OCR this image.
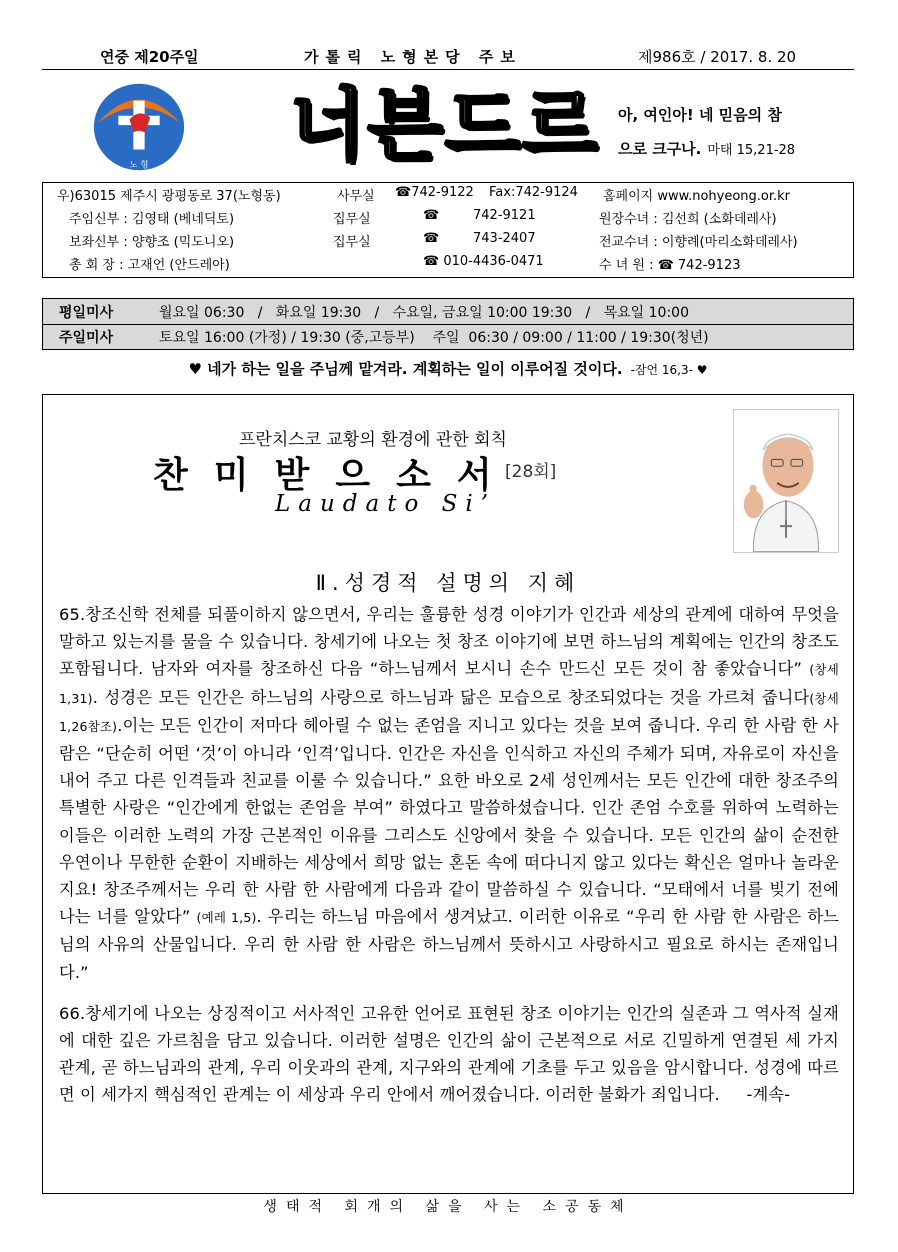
연중 제20주일	가톨릭 노형본당 주보	제986호 / 2017. 8. 20
노 형 너븐드르 아, 여인아! 네 믿음의 참
으로 크구나. 마태 15,21-28
우)63015 제주시 광평동로 37(노형동)	사무실 ☎742-9122 Fax:742-9124 홈페이지 www.nohyeong.or.kr
주임신부 : 김영태 (베네딕토)	집무실	☎	742-9121	원장수녀 : 김선희 (소화데레사)
보좌신부 : 양향조 (믹도니오)	집무실	☎	743-2407	전교수녀 : 이향례(마리소화데레사)
총 회 장 : 고재언 (안드레아)	☎ 010-4436-0471	수 녀 원 : ☎ 742-9123
평일미사	월요일 06:30   /   화요일 19:30   /   수요일, 금요일 10:00 19:30   /   목요일 10:00
주일미사	토요일 16:00 (가정) / 19:30 (중,고등부)    주일  06:30 / 09:00 / 11:00 / 19:30(청년)
♥ 네가 하는 일을 주님께 맡겨라. 계획하는 일이 이루어질 것이다. -잠언 16,3- ♥
프란치스코 교황의 환경에 관한 회칙
찬미받으소서
[28회]
Laudato Si’
Ⅱ.성경적 설명의 지혜

65.창조신학 전체를 되풀이하지 않으면서, 우리는 훌륭한 성경 이야기가 인간과 세상의 관계에 대하여 무엇을 말하고 있는지를 물을 수 있습니다. 창세기에 나오는 첫 창조 이야기에 보면 하느님의 계획에는 인간의 창조도 포함됩니다. 남자와 여자를 창조하신 다음 “하느님께서 보시니 손수 만드신 모든 것이 참 좋았습니다” (창세 1,31). 성경은 모든 인간은 하느님의 사랑으로 하느님과 닮은 모습으로 창조되었다는 것을 가르쳐 줍니다(창세 1,26참조).이는 모든 인간이 저마다 헤아릴 수 없는 존엄을 지니고 있다는 것을 보여 줍니다. 우리 한 사람 한 사람은 “단순히 어떤 ‘것’이 아니라 ‘인격’입니다. 인간은 자신을 인식하고 자신의 주체가 되며, 자유로이 자신을 내어 주고 다른 인격들과 친교를 이룰 수 있습니다.” 요한 바오로 2세 성인께서는 모든 인간에 대한 창조주의 특별한 사랑은 “인간에게 한없는 존엄을 부여” 하였다고 말씀하셨습니다. 인간 존엄 수호를 위하여 노력하는 이들은 이러한 노력의 가장 근본적인 이유를 그리스도 신앙에서 찾을 수 있습니다. 모든 인간의 삶이 순전한 우연이나 무한한 순환이 지배하는 세상에서 희망 없는 혼돈 속에 떠다니지 않고 있다는 확신은 얼마나 놀라운지요! 창조주께서는 우리 한 사람 한 사람에게 다음과 같이 말씀하실 수 있습니다. “모태에서 너를 빚기 전에 나는 너를 알았다” (예레 1,5). 우리는 하느님 마음에서 생겨났고. 이러한 이유로 “우리 한 사람 한 사람은 하느님의 사유의 산물입니다. 우리 한 사람 한 사람은 하느님께서 뜻하시고 사랑하시고 필요로 하시는 존재입니다.”

66.창세기에 나오는 상징적이고 서사적인 고유한 언어로 표현된 창조 이야기는 인간의 실존과 그 역사적 실재에 대한 깊은 가르침을 담고 있습니다. 이러한 설명은 인간의 삶이 근본적으로 서로 긴밀하게 연결된 세 가지 관계, 곧 하느님과의 관계, 우리 이웃과의 관계, 지구와의 관계에 기초를 두고 있음을 암시합니다. 성경에 따르면 이 세가지 핵심적인 관계는 이 세상과 우리 안에서 깨어졌습니다. 이러한 불화가 죄입니다. -계속-

생태적 회개의 삶을 사는 소공동체
